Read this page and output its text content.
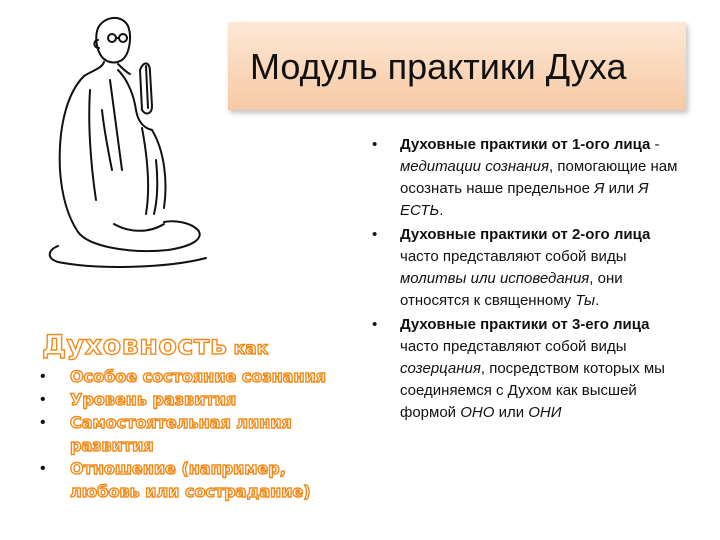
Модуль практики Духа
• Духовные практики от 1-ого лица - медитации сознания, помогающие нам осознать наше предельное Я или Я ЕСТЬ.
• Духовные практики от 2-ого лица часто представляют собой виды молитвы или исповедания, они относятся к священному Ты.
• Духовные практики от 3-его лица часто представляют собой виды созерцания, посредством которых мы соединяемся с Духом как высшей формой ОНО или ОНИ
Духовность как
• Особое состояние сознания
• Уровень развития
• Самостоятельная линия развития
• Отношение (например, любовь или сострадание)
